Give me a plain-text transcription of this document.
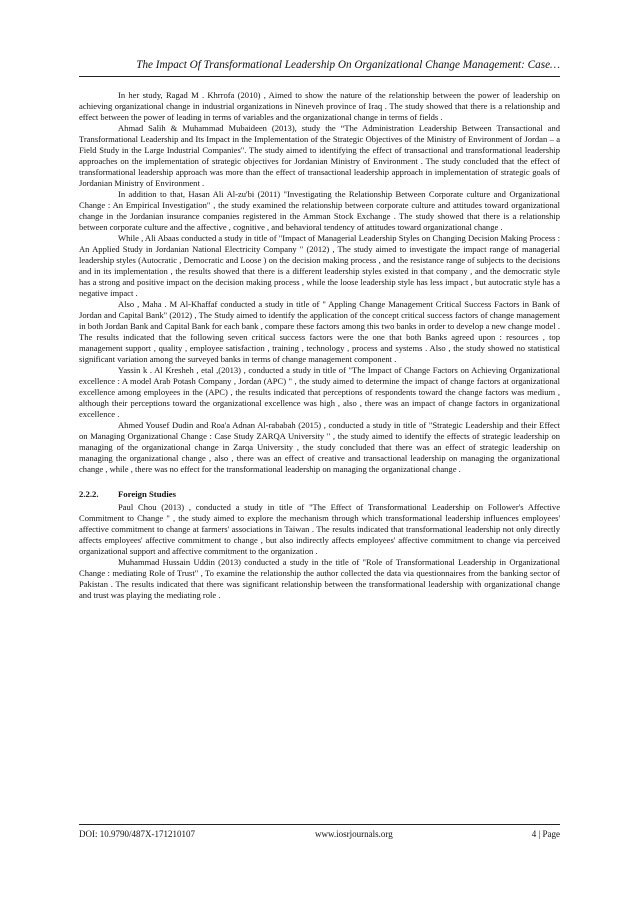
The Impact Of Transformational Leadership On Organizational Change Management: Case…

In her study, Ragad M . Khrrofa (2010) , Aimed to show the nature of the relationship between the power of leadership on achieving organizational change in industrial organizations in Nineveh province of Iraq . The study showed that there is a relationship and effect between the power of leading in terms of variables and the organizational change in terms of fields .

Ahmad Salih & Muhammad Mubaideen (2013), study the “The Administration Leadership Between Transactional and Transformational Leadership and Its Impact in the Implementation of the Strategic Objectives of the Ministry of Environment of Jordan – a Field Study in the Large Industrial Companies". The study aimed to identifying the effect of transactional and transformational leadership approaches on the implementation of strategic objectives for Jordanian Ministry of Environment . The study concluded that the effect of transformational leadership approach was more than the effect of transactional leadership approach in implementation of strategic goals of Jordanian Ministry of Environment .

In addition to that, Hasan Ali Al-zu'bi (2011) "Investigating the Relationship Between Corporate culture and Organizational Change : An Empirical Investigation" , the study examined the relationship between corporate culture and attitudes toward organizational change in the Jordanian insurance companies registered in the Amman Stock Exchange . The study showed that there is a relationship between corporate culture and the affective , cognitive , and behavioral tendency of attitudes toward organizational change .

While , Ali Abaas conducted a study in title of "Impact of Managerial Leadership Styles on Changing Decision Making Process : An Applied Study in Jordanian National Electricity Company " (2012) , The study aimed to investigate the impact range of managerial leadership styles (Autocratic , Democratic and Loose ) on the decision making process , and the resistance range of subjects to the decisions and in its implementation , the results showed that there is a different leadership styles existed in that company , and the democratic style has a strong and positive impact on the decision making process , while the loose leadership style has less impact , but autocratic style has a negative impact .

Also , Maha . M Al-Khaffaf conducted a study in title of " Appling Change Management Critical Success Factors in Bank of Jordan and Capital Bank" (2012) , The Study aimed to identify the application of the concept critical success factors of change management in both Jordan Bank and Capital Bank for each bank , compare these factors among this two banks in order to develop a new change model . The results indicated that the following seven critical success factors were the one that both Banks agreed upon : resources , top management support , quality , employee satisfaction , training , technology , process and systems . Also , the study showed no statistical significant variation among the surveyed banks in terms of change management component .

Yassin k . Al Kresheh , etal ,(2013) , conducted a study in title of "The Impact of Change Factors on Achieving Organizational excellence : A model Arab Potash Company , Jordan (APC) " , the study aimed to determine the impact of change factors at organizational excellence among employees in the (APC) , the results indicated that perceptions of respondents toward the change factors was medium , although their perceptions toward the organizational excellence was high , also , there was an impact of change factors in organizational excellence .

Ahmed Yousef Dudin and Roa'a Adnan Al-rababah (2015) , conducted a study in title of "Strategic Leadership and their Effect on Managing Organizational Change : Case Study ZARQA University " , the study aimed to identify the effects of strategic leadership on managing of the organizational change in Zarqa University , the study concluded that there was an effect of strategic leadership on managing the organizational change , also , there was an effect of creative and transactional leadership on managing the organizational change , while , there was no effect for the transformational leadership on managing the organizational change .

2.2.2.	Foreign Studies

Paul Chou (2013) , conducted a study in title of "The Effect of Transformational Leadership on Follower's Affective Commitment to Change " , the study aimed to explore the mechanism through which transformational leadership influences employees' affective commitment to change at farmers' associations in Taiwan . The results indicated that transformational leadership not only directly affects employees' affective commitment to change , but also indirectly affects employees' affective commitment to change via perceived organizational support and affective commitment to the organization .

Muhammad Hussain Uddin (2013) conducted a study in the title of "Role of Transformational Leadership in Organizational Change : mediating Role of Trust" , To examine the relationship the author collected the data via questionnaires from the banking sector of Pakistan . The results indicated that there was significant relationship between the transformational leadership with organizational change and trust was playing the mediating role .

DOI: 10.9790/487X-171210107	www.iosrjournals.org	4 | Page
